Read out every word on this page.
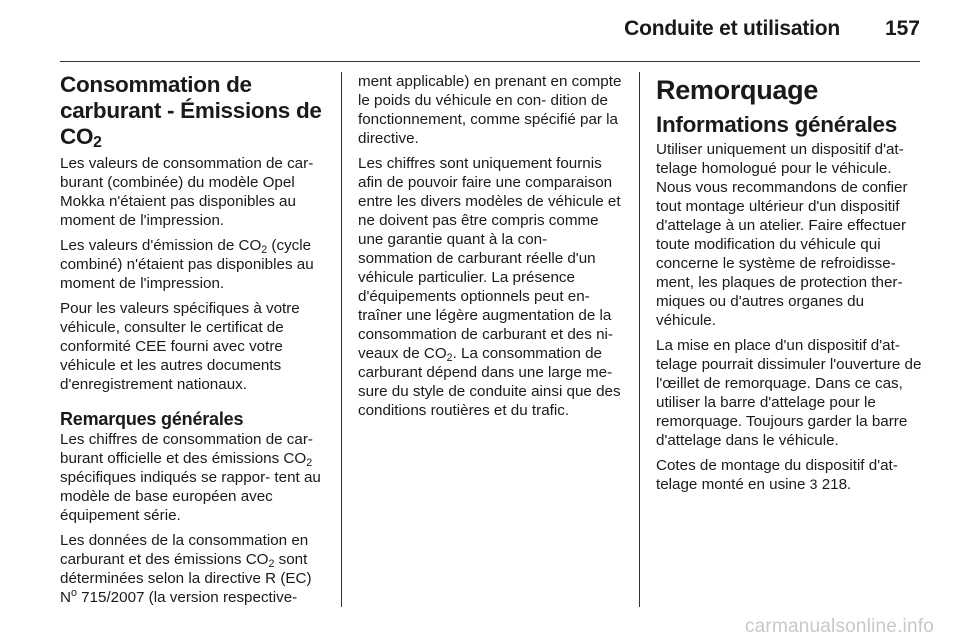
Conduite et utilisation 157
Consommation de
carburant - Émissions de
$CO_2$

Les valeurs de consommation de car- burant (combinée) du modèle Opel Mokka n'étaient pas disponibles au moment de l'impression.

Les valeurs d'émission de $CO_2$ (cycle combiné) n'étaient pas disponibles au moment de l'impression.

Pour les valeurs spécifiques à votre véhicule, consulter le certificat de conformité CEE fourni avec votre véhicule et les autres documents d'enregistrement nationaux.

Remarques générales

Les chiffres de consommation de car- burant officielle et des émissions $CO_2$ spécifiques indiqués se rappor- tent au modèle de base européen avec équipement série.

Les données de la consommation en carburant et des émissions $CO_2$ sont déterminées selon la directive R (EC) $N^o$ 715/2007 (la version respective-

ment applicable) en prenant en compte le poids du véhicule en con- dition de fonctionnement, comme spécifié par la directive.

Les chiffres sont uniquement fournis afin de pouvoir faire une comparaison entre les divers modèles de véhicule et ne doivent pas être compris comme une garantie quant à la con- sommation de carburant réelle d'un véhicule particulier. La présence d'équipements optionnels peut en- traîner une légère augmentation de la consommation de carburant et des ni- veaux de $CO_2$. La consommation de carburant dépend dans une large me- sure du style de conduite ainsi que des conditions routières et du trafic.

Remorquage
Informations générales

Utiliser uniquement un dispositif d'at- telage homologué pour le véhicule. Nous vous recommandons de confier tout montage ultérieur d'un dispositif d'attelage à un atelier. Faire effectuer toute modification du véhicule qui concerne le système de refroidisse- ment, les plaques de protection ther- miques ou d'autres organes du véhicule.

La mise en place d'un dispositif d'at- telage pourrait dissimuler l'ouverture de l'œillet de remorquage. Dans ce cas, utiliser la barre d'attelage pour le remorquage. Toujours garder la barre d'attelage dans le véhicule.

Cotes de montage du dispositif d'at- telage monté en usine 3 218.

carmanualsonline.info
